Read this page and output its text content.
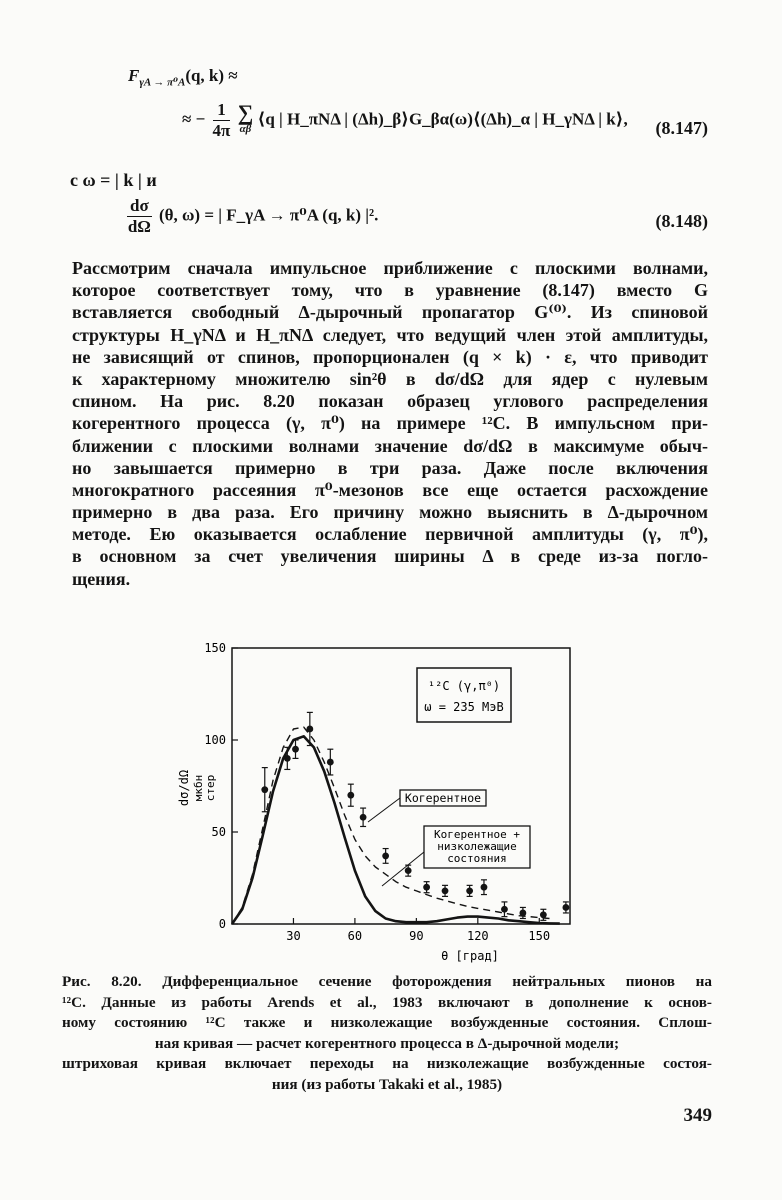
$F_{\gamma A \to \pi^0A}(q$, k) ≈
≈ − $\frac{1}{4\pi}$
∑
αβ
⟨q | H_πNΔ | (Δh)_β⟩G_βα(ω)⟨(Δh)_α | H_γNΔ | k⟩, (8.147)
с ω = | k | и
$\frac{d\sigma}{d\Omega} (\theta$, ω) = | F_γA → π⁰A (q, k) |².	(8.148)
Рассмотрим сначала импульсное приближение с плоскими волнами,
которое соответствует тому, что в уравнение (8.147) вместо G
вставляется свободный Δ-дырочный пропагатор G⁽⁰⁾. Из спиновой
структуры H_γNΔ и H_πNΔ следует, что ведущий член этой амплитуды,
не зависящий от спинов, пропорционален (q × k) · ε, что приводит
к характерному множителю sin²θ в dσ/dΩ для ядер с нулевым
спином. На рис. 8.20 показан образец углового распределения
когерентного процесса (γ, π⁰) на примере ¹²C. В импульсном при-
ближении с плоскими волнами значение dσ/dΩ в максимуме обыч-
но завышается примерно в три раза. Даже после включения
многократного рассеяния π⁰-мезонов все еще остается расхождение
примерно в два раза. Его причину можно выяснить в Δ-дырочном
методе. Ею оказывается ослабление первичной амплитуды (γ, π⁰),
в основном за счет увеличения ширины Δ в среде из-за погло-
щения.
0
50
100
150
30	60	90	120	150
dσ/dΩ мкбн стер
¹²C (γ,π⁰)
ω = 235 МэВ
Когерентное
Когерентное +
низколежащие
состояния
θ [град]
Рис. 8.20. Дифференциальное сечение фоторождения нейтральных пионов на
¹²C. Данные из работы Arends et al., 1983 включают в дополнение к основ-
ному состоянию ¹²C также и низколежащие возбужденные состояния. Сплош-
ная кривая — расчет когерентного процесса в Δ-дырочной модели;
штриховая кривая включает переходы на низколежащие возбужденные состоя-
ния (из работы Takaki et al., 1985)
349
